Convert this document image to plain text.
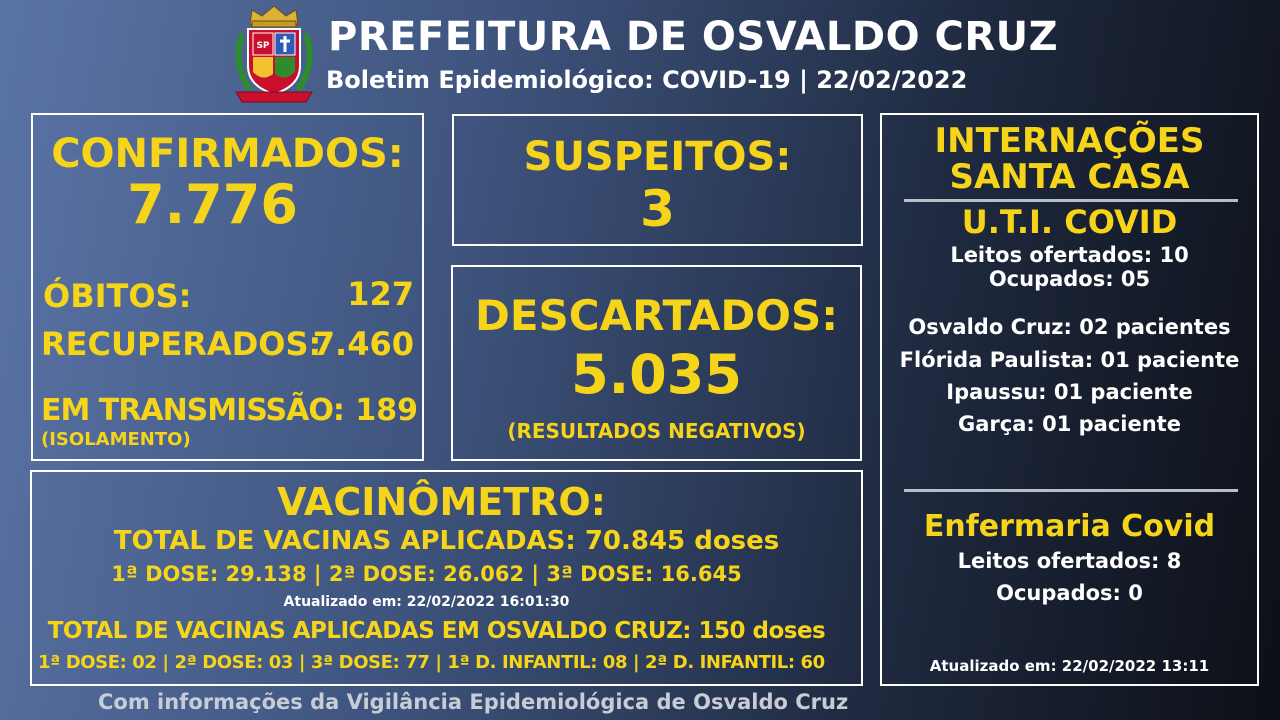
SP PREFEITURA DE OSVALDO CRUZ
Boletim Epidemiológico: COVID-19 | 22/02/2022
CONFIRMADOS:
7.776
ÓBITOS:	127
RECUPERADOS:
7.460
EM TRANSMISSÃO: 189
(ISOLAMENTO)
SUSPEITOS:
3
DESCARTADOS:
5.035
(RESULTADOS NEGATIVOS)
VACINÔMETRO:
TOTAL DE VACINAS APLICADAS: 70.845 doses
1ª DOSE: 29.138 | 2ª DOSE: 26.062 | 3ª DOSE: 16.645
Atualizado em: 22/02/2022 16:01:30
TOTAL DE VACINAS APLICADAS EM OSVALDO CRUZ: 150 doses
1ª DOSE: 02 | 2ª DOSE: 03 | 3ª DOSE: 77 | 1ª D. INFANTIL: 08 | 2ª D. INFANTIL: 60
INTERNAÇÕES
SANTA CASA
U.T.I. COVID
Leitos ofertados: 10
Ocupados: 05
Osvaldo Cruz: 02 pacientes
Flórida Paulista: 01 paciente
Ipaussu: 01 paciente
Garça: 01 paciente
Enfermaria Covid
Leitos ofertados: 8
Ocupados: 0
Atualizado em: 22/02/2022 13:11
Com informações da Vigilância Epidemiológica de Osvaldo Cruz
